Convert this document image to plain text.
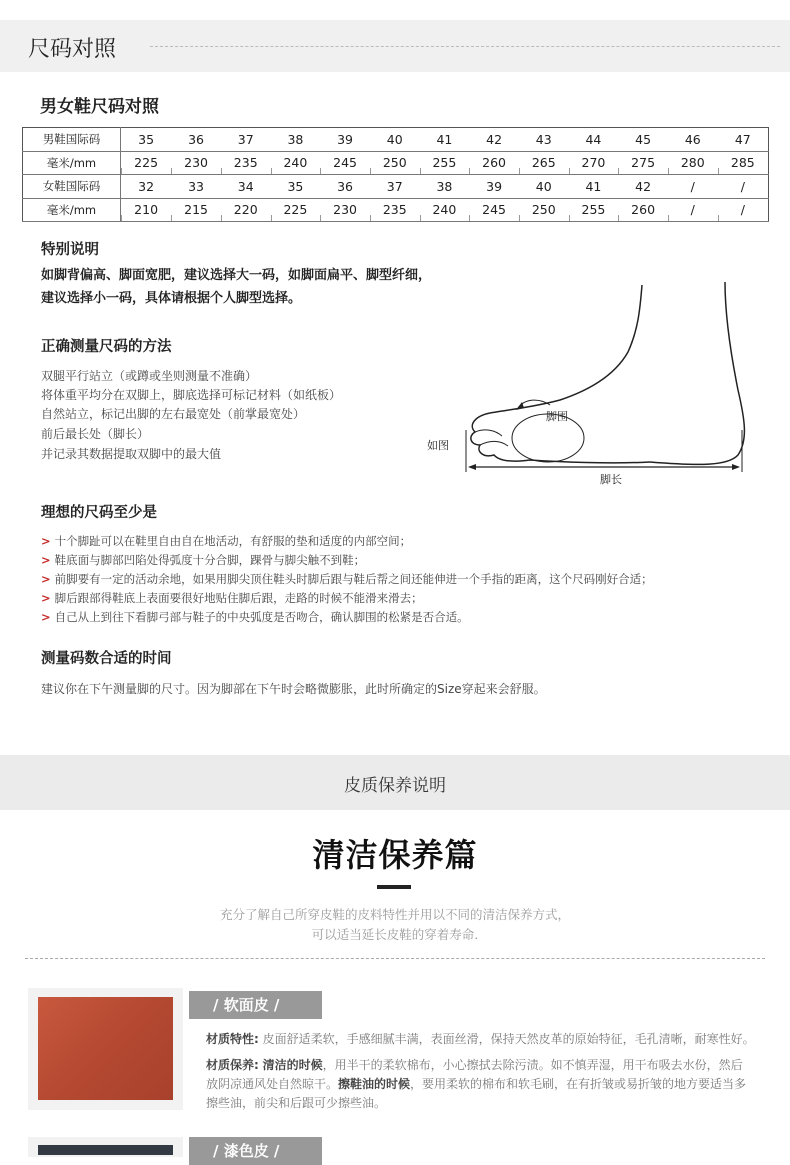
尺码对照
男女鞋尺码对照
男鞋国际码	35	36	37	38	39	40	41	42	43	44	45	46	47
毫米/mm	225	230	235	240	245	250	255	260	265	270	275	280	285
女鞋国际码	32	33	34	35	36	37	38	39	40	41	42	/	/
毫米/mm	210	215	220	225	230	235	240	245	250	255	260	/	/
特别说明
如脚背偏高、脚面宽肥，建议选择大一码，如脚面扁平、脚型纤细，
建议选择小一码，具体请根据个人脚型选择。
正确测量尺码的方法
双腿平行站立（或蹲或坐则测量不准确）
将体重平均分在双脚上，脚底选择可标记材料（如纸板）
自然站立，标记出脚的左右最宽处（前掌最宽处）
前后最长处（脚长）
并记录其数据提取双脚中的最大值
脚围
如图
脚长
理想的尺码至少是
> 十个脚趾可以在鞋里自由自在地活动，有舒服的垫和适度的内部空间；
> 鞋底面与脚部凹陷处得弧度十分合脚，踝骨与脚尖触不到鞋；
> 前脚要有一定的活动余地，如果用脚尖顶住鞋头时脚后跟与鞋后帮之间还能伸进一个手指的距离，这个尺码刚好合适；
> 脚后跟部得鞋底上表面要很好地贴住脚后跟，走路的时候不能滑来滑去；
> 自己从上到往下看脚弓部与鞋子的中央弧度是否吻合，确认脚围的松紧是否合适。
测量码数合适的时间
建议你在下午测量脚的尺寸。因为脚部在下午时会略微膨胀，此时所确定的Size穿起来会舒服。
皮质保养说明
清洁保养篇
充分了解自己所穿皮鞋的皮料特性并用以不同的清洁保养方式，
可以适当延长皮鞋的穿着寿命.
/ 软面皮 /
材质特性: 皮面舒适柔软，手感细腻丰满，表面丝滑，保持天然皮革的原始特征，毛孔清晰，耐寒性好。
材质保养: 清洁的时候，用半干的柔软棉布，小心擦拭去除污渍。如不慎弄湿，用干布吸去水份，然后
放阴凉通风处自然晾干。擦鞋油的时候，要用柔软的棉布和软毛刷，在有折皱或易折皱的地方要适当多
擦些油，前尖和后跟可少擦些油。
/ 漆色皮 /
